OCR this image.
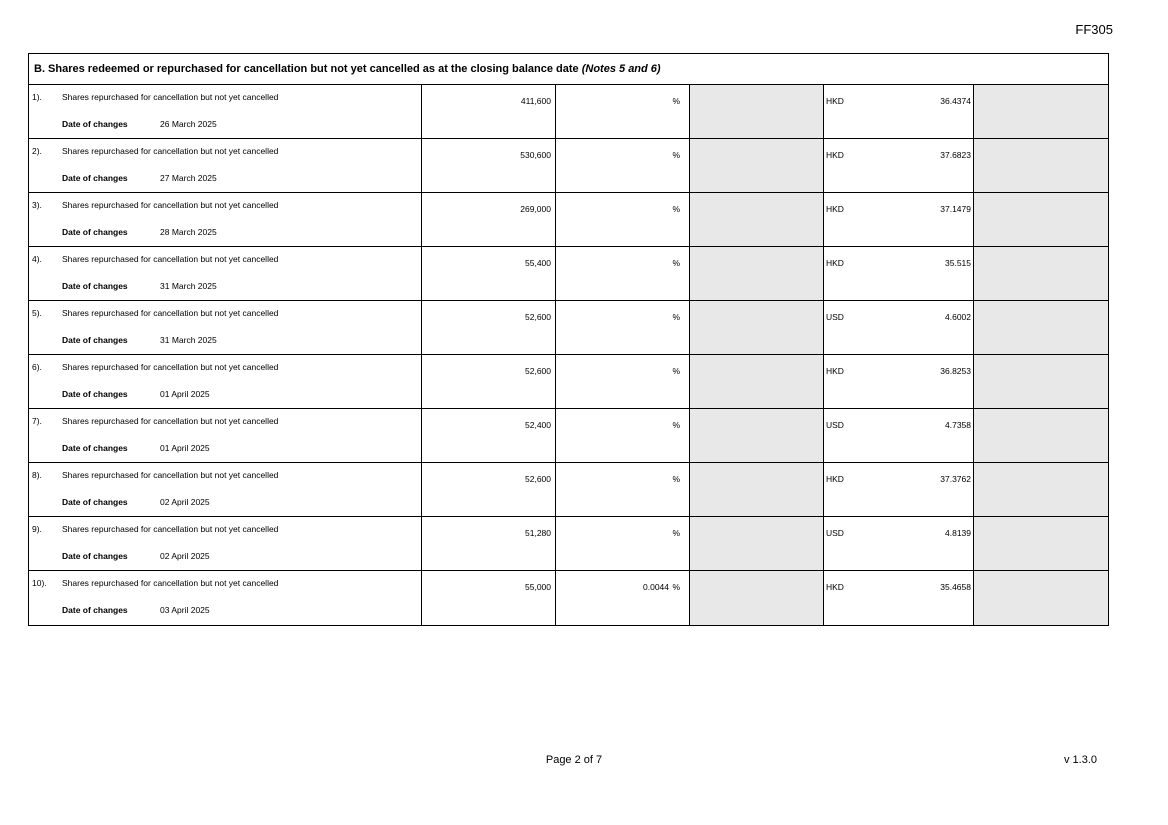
FF305
B. Shares redeemed or repurchased for cancellation but not yet cancelled as at the closing balance date (Notes 5 and 6)
1). Shares repurchased for cancellation but not yet cancelled
Date of changes	26 March 2025
411,600	%	HKD	36.4374
2). Shares repurchased for cancellation but not yet cancelled
Date of changes	27 March 2025
530,600	%	HKD	37.6823
3). Shares repurchased for cancellation but not yet cancelled
Date of changes	28 March 2025
269,000	%	HKD	37.1479
4). Shares repurchased for cancellation but not yet cancelled
Date of changes	31 March 2025
55,400	%	HKD	35.515
5). Shares repurchased for cancellation but not yet cancelled
Date of changes	31 March 2025
52,600	%	USD	4.6002
6). Shares repurchased for cancellation but not yet cancelled
Date of changes	01 April 2025
52,600	%	HKD	36.8253
7). Shares repurchased for cancellation but not yet cancelled
Date of changes	01 April 2025
52,400	%	USD	4.7358
8). Shares repurchased for cancellation but not yet cancelled
Date of changes	02 April 2025
52,600	%	HKD	37.3762
9). Shares repurchased for cancellation but not yet cancelled
Date of changes	02 April 2025
51,280	%	USD	4.8139
10). Shares repurchased for cancellation but not yet cancelled
Date of changes	03 April 2025
55,000	0.0044 %	HKD	35.4658
Page 2 of 7	v 1.3.0
